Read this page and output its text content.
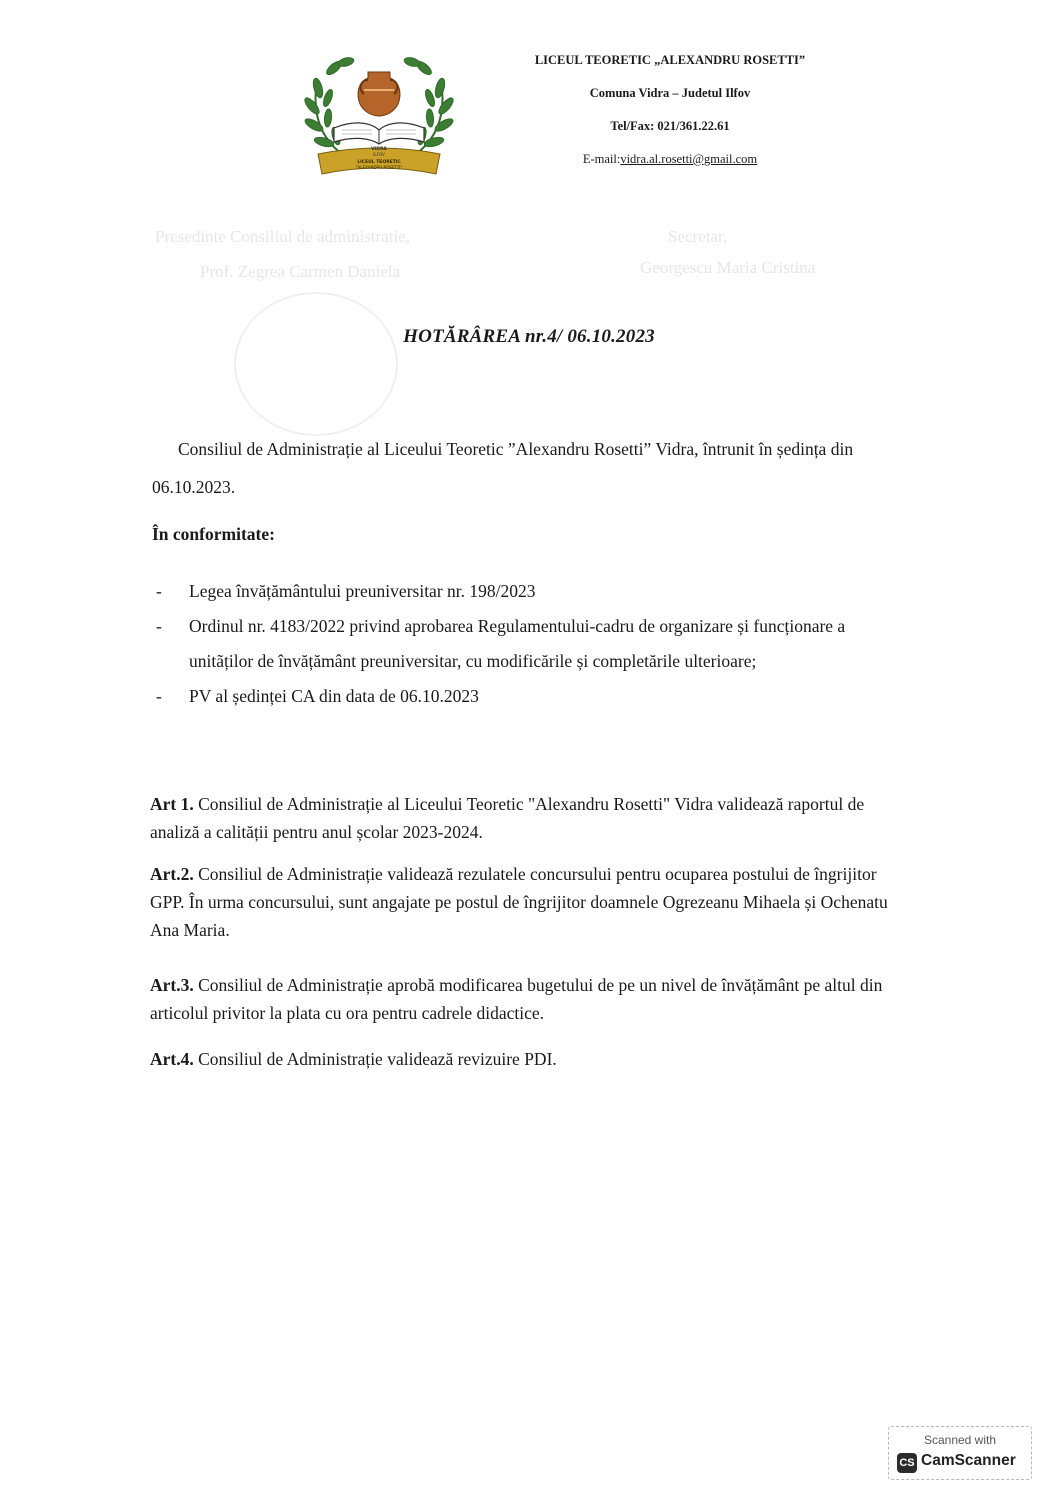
VIDRA
ILFOV
LICEUL TEORETIC
"ALEXANDRU ROSETTI"
LICEUL TEORETIC „ALEXANDRU ROSETTI”
Comuna Vidra – Judetul Ilfov
Tel/Fax: 021/361.22.61
E-mail:vidra.al.rosetti@gmail.com
Presedinte Consiliul de administratie,
Prof. Zegrea Carmen Daniela
Secretar,
Georgescu Maria Cristina
HOTĂRÂREA nr.4/ 06.10.2023
Consiliul de Administrație al Liceului Teoretic ”Alexandru Rosetti” Vidra, întrunit în ședința din 06.10.2023.
În conformitate:
- Legea învățământului preuniversitar nr. 198/2023
- Ordinul nr. 4183/2022 privind aprobarea Regulamentului-cadru de organizare și funcționare a unitãților de învățământ preuniversitar, cu modificările și completările ulterioare;
- PV al ședinței CA din data de 06.10.2023
Art 1. Consiliul de Administrație al Liceului Teoretic "Alexandru Rosetti" Vidra validează raportul de analiză a calității pentru anul școlar 2023-2024.
Art.2. Consiliul de Administrație validează rezulatele concursului pentru ocuparea postului de îngrijitor GPP. În urma concursului, sunt angajate pe postul de îngrijitor doamnele Ogrezeanu Mihaela și Ochenatu Ana Maria.
Art.3. Consiliul de Administrație aprobă modificarea bugetului de pe un nivel de învățământ pe altul din articolul privitor la plata cu ora pentru cadrele didactice.
Art.4. Consiliul de Administrație validează revizuire PDI.
Scanned with
CS CamScanner
